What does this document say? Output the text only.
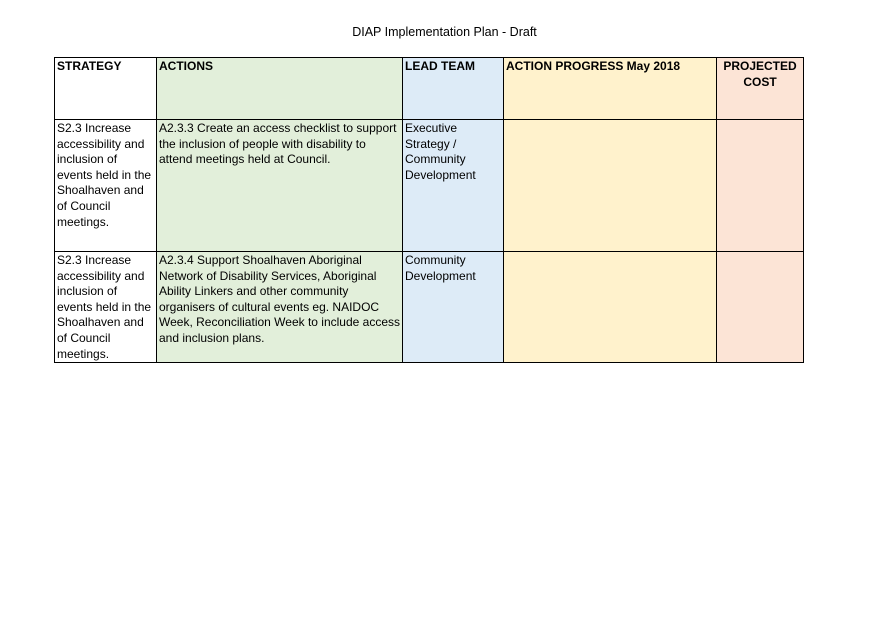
DIAP Implementation Plan - Draft
STRATEGY	ACTIONS	LEAD TEAM	ACTION PROGRESS May 2018	PROJECTED COST
S2.3 Increase accessibility and inclusion of events held in the Shoalhaven and of Council meetings.	A2.3.3 Create an access checklist to support the inclusion of people with disability to attend meetings held at Council.	Executive Strategy / Community Development		
S2.3 Increase accessibility and inclusion of events held in the Shoalhaven and of Council meetings.	A2.3.4 Support Shoalhaven Aboriginal Network of Disability Services, Aboriginal Ability Linkers and other community organisers of cultural events eg. NAIDOC Week, Reconciliation Week to include access and inclusion plans.	Community Development		
